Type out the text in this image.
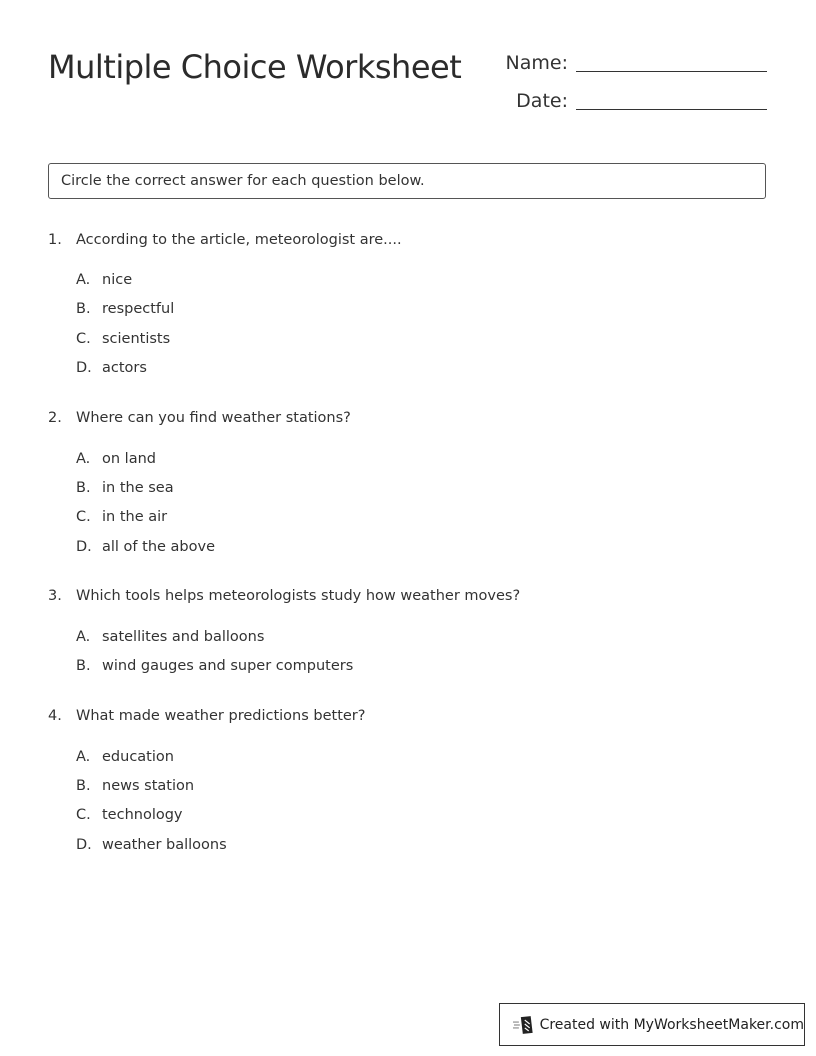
Multiple Choice Worksheet	Name:
Date:
Circle the correct answer for each question below.
1. According to the article, meteorologist are....
A. nice
B. respectful
C. scientists
D. actors
2. Where can you find weather stations?
A. on land
B. in the sea
C. in the air
D. all of the above
3. Which tools helps meteorologists study how weather moves?
A. satellites and balloons
B. wind gauges and super computers
4. What made weather predictions better?
A. education
B. news station
C. technology
D. weather balloons
Created with MyWorksheetMaker.com
